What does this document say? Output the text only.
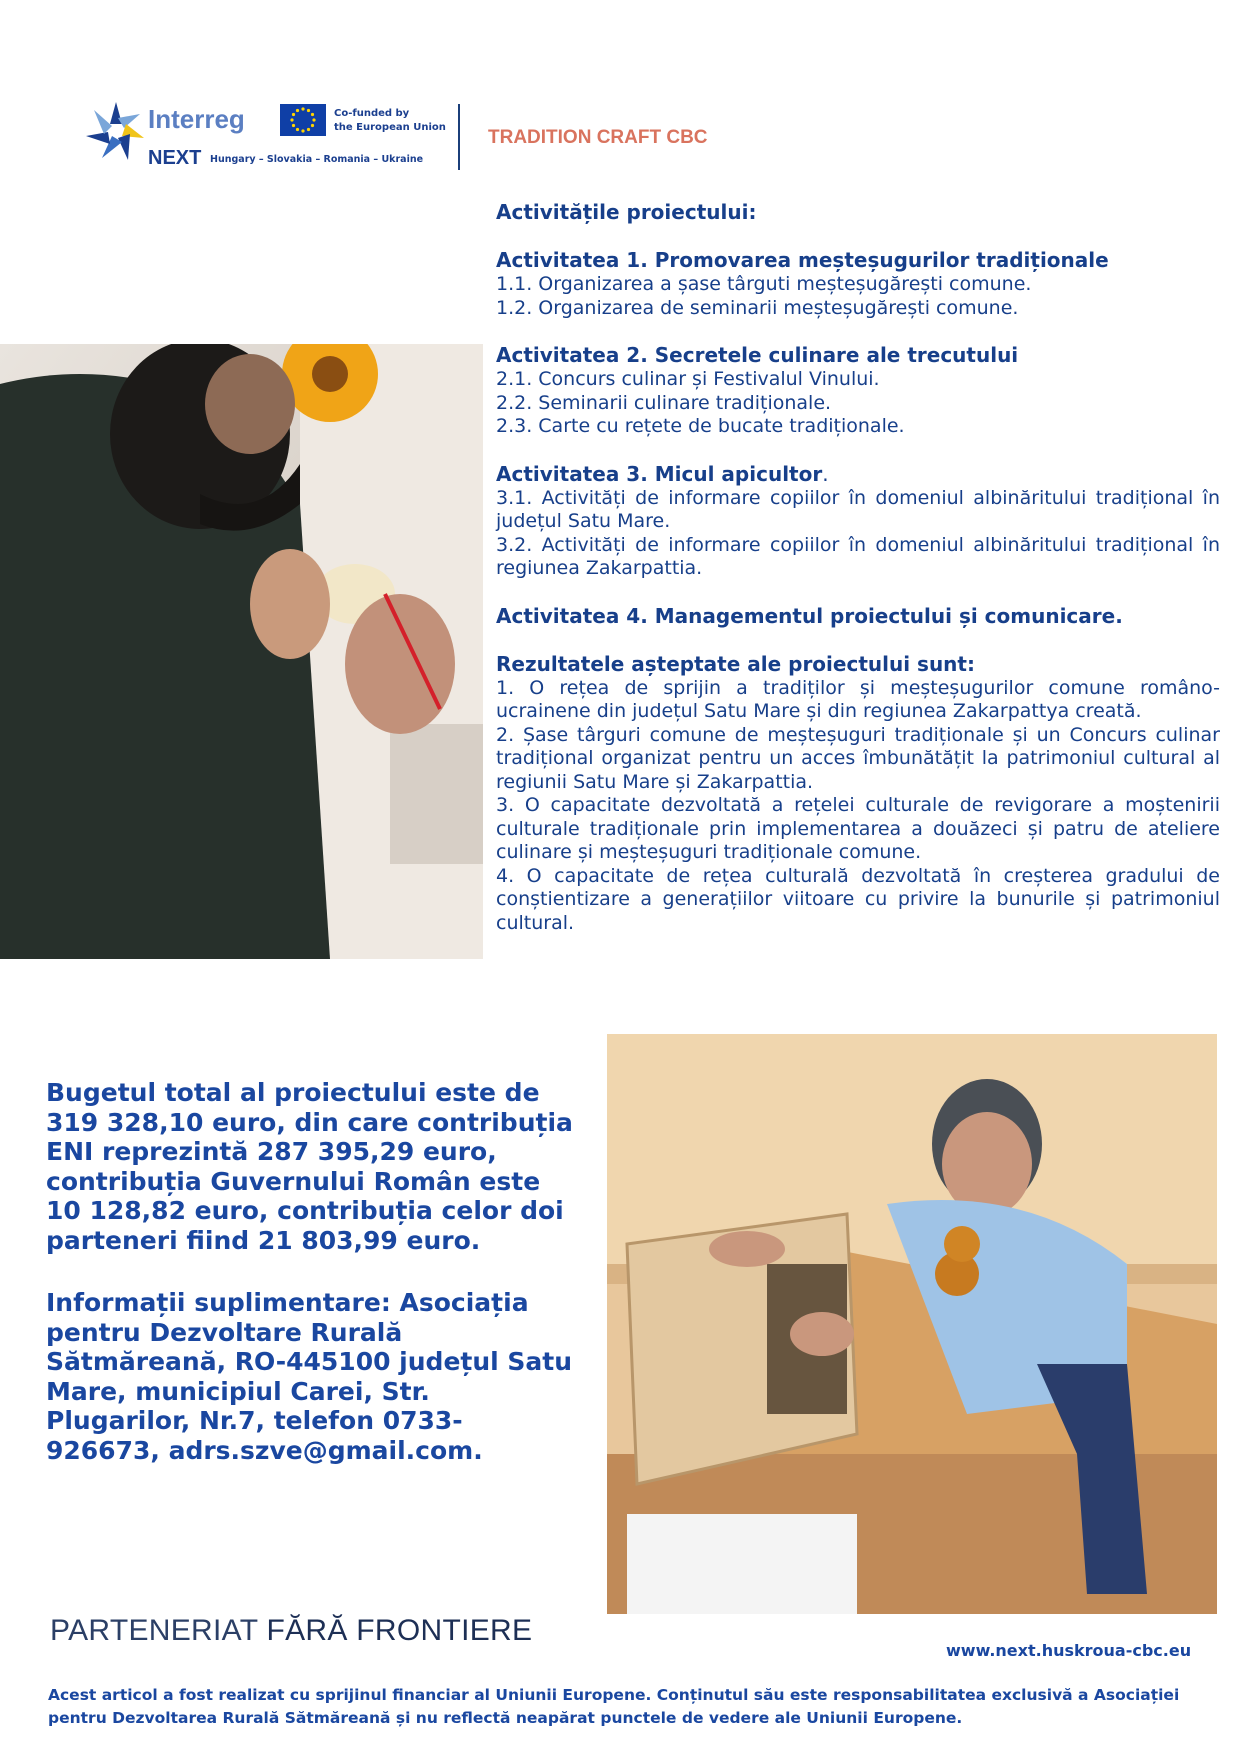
Interreg
NEXT Hungary – Slovakia – Romania – Ukraine
Co-funded by
the European Union TRADITION CRAFT CBC
Activitățile proiectului:
Activitatea 1. Promovarea meșteșugurilor tradiționale
1.1. Organizarea a șase târguti meșteșugărești comune.
1.2. Organizarea de seminarii meșteșugărești comune.
Activitatea 2. Secretele culinare ale trecutului
2.1. Concurs culinar și Festivalul Vinului.
2.2. Seminarii culinare tradiționale.
2.3. Carte cu rețete de bucate tradiționale.
Activitatea 3. Micul apicultor.
3.1. Activități de informare copiilor în domeniul albinăritului tradițional în județul Satu Mare.
3.2. Activități de informare copiilor în domeniul albinăritului tradițional în regiunea Zakarpattia.
Activitatea 4. Managementul proiectului și comunicare.
Rezultatele așteptate ale proiectului sunt:
1. O rețea de sprijin a tradiților și meșteșugurilor comune româno-ucrainene din județul Satu Mare și din regiunea Zakarpattya creată.
2. Șase târguri comune de meșteșuguri tradiționale și un Concurs culinar tradițional organizat pentru un acces îmbunătățit la patrimoniul cultural al regiunii Satu Mare și Zakarpattia.
3. O capacitate dezvoltată a rețelei culturale de revigorare a moștenirii culturale tradiționale prin implementarea a douăzeci și patru de ateliere culinare și meșteșuguri tradiționale comune.
4. O capacitate de rețea culturală dezvoltată în creșterea gradului de conștientizare a generațiilor viitoare cu privire la bunurile și patrimoniul cultural.
Bugetul total al proiectului este de 319 328,10 euro, din care contribuția ENI reprezintă 287 395,29 euro, contribuția Guvernului Român este 10 128,82 euro, contribuția celor doi parteneri fiind 21 803,99 euro.
Informații suplimentare: Asociația pentru Dezvoltare Rurală Sătmăreană, RO-445100 județul Satu Mare, municipiul Carei, Str. Plugarilor, Nr.7, telefon 0733-926673, adrs.szve@gmail.com.
PARTENERIAT FĂRĂ FRONTIERE
www.next.huskroua-cbc.eu
Acest articol a fost realizat cu sprijinul financiar al Uniunii Europene. Conținutul său este responsabilitatea exclusivă a Asociației pentru Dezvoltarea Rurală Sătmăreană și nu reflectă neapărat punctele de vedere ale Uniunii Europene.
